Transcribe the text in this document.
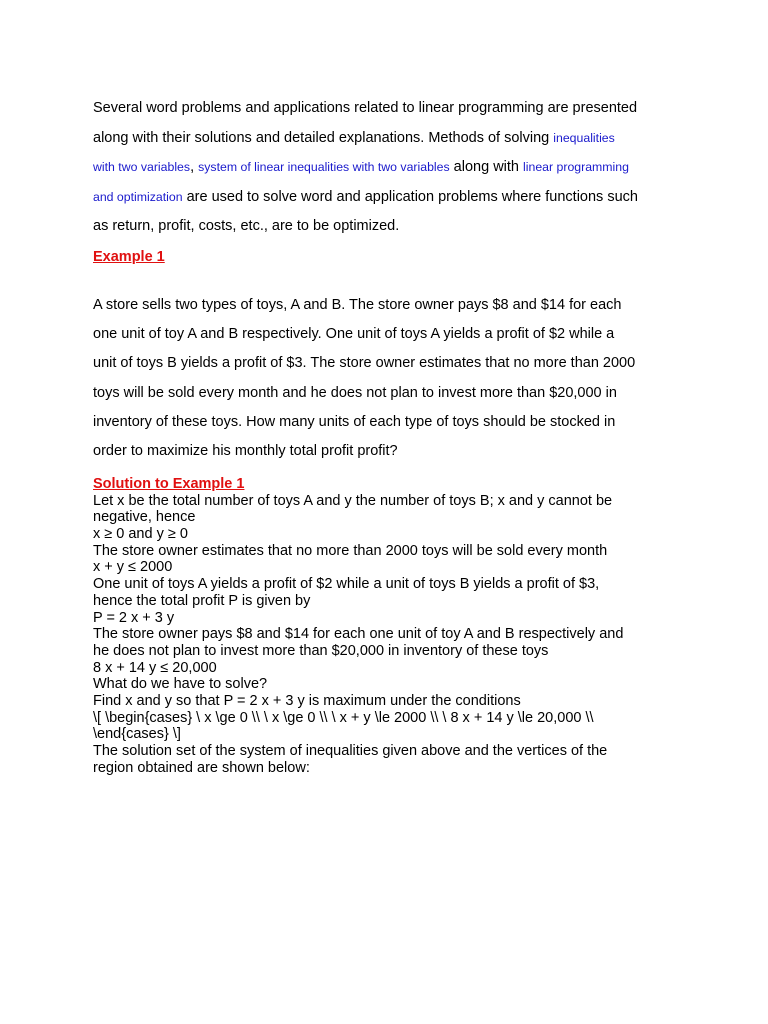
Several word problems and applications related to linear programming are presented
along with their solutions and detailed explanations. Methods of solving inequalities
with two variables, system of linear inequalities with two variables along with linear programming
and optimization are used to solve word and application problems where functions such
as return, profit, costs, etc., are to be optimized.
Example 1
A store sells two types of toys, A and B. The store owner pays $8 and $14 for each
one unit of toy A and B respectively. One unit of toys A yields a profit of $2 while a
unit of toys B yields a profit of $3. The store owner estimates that no more than 2000
toys will be sold every month and he does not plan to invest more than $20,000 in
inventory of these toys. How many units of each type of toys should be stocked in
order to maximize his monthly total profit profit?
Solution to Example 1
Let x be the total number of toys A and y the number of toys B; x and y cannot be
negative, hence
x ≥ 0 and y ≥ 0
The store owner estimates that no more than 2000 toys will be sold every month
x + y ≤ 2000
One unit of toys A yields a profit of $2 while a unit of toys B yields a profit of $3,
hence the total profit P is given by
P = 2 x + 3 y
The store owner pays $8 and $14 for each one unit of toy A and B respectively and
he does not plan to invest more than $20,000 in inventory of these toys
8 x + 14 y ≤ 20,000
What do we have to solve?
Find x and y so that P = 2 x + 3 y is maximum under the conditions
\[ \begin{cases} \ x \ge 0 \\ \ x \ge 0 \\ \ x + y \le 2000 \\ \ 8 x + 14 y \le 20,000 \\
\end{cases} \]
The solution set of the system of inequalities given above and the vertices of the
region obtained are shown below:
